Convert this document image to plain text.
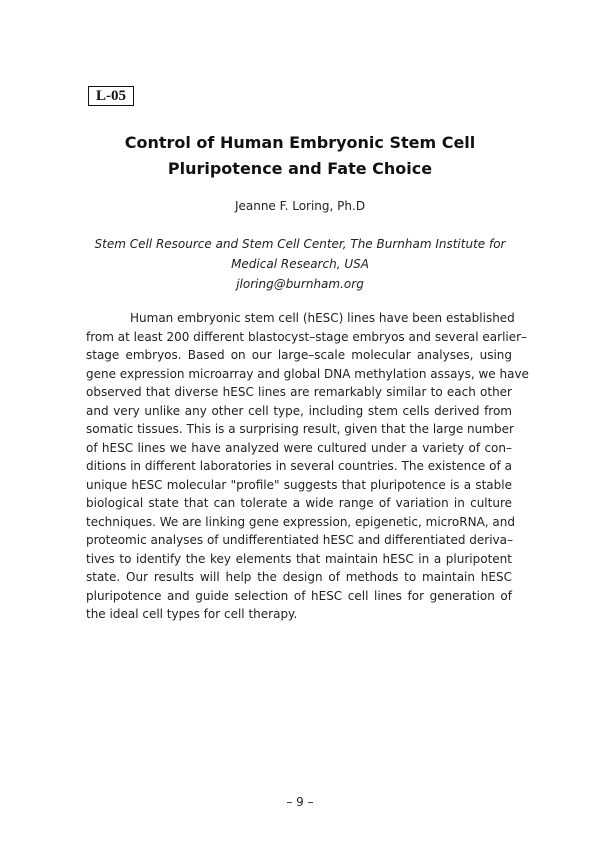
L-05
Control of Human Embryonic Stem Cell
Pluripotence and Fate Choice
Jeanne F. Loring, Ph.D
Stem Cell Resource and Stem Cell Center, The Burnham Institute for
Medical Research, USA
jloring@burnham.org
Human embryonic stem cell (hESC) lines have been established
from at least 200 different blastocyst–stage embryos and several earlier–
stage embryos. Based on our large–scale molecular analyses, using
gene expression microarray and global DNA methylation assays, we have
observed that diverse hESC lines are remarkably similar to each other
and very unlike any other cell type, including stem cells derived from
somatic tissues. This is a surprising result, given that the large number
of hESC lines we have analyzed were cultured under a variety of con–
ditions in different laboratories in several countries. The existence of a
unique hESC molecular "profile" suggests that pluripotence is a stable
biological state that can tolerate a wide range of variation in culture
techniques. We are linking gene expression, epigenetic, microRNA, and
proteomic analyses of undifferentiated hESC and differentiated deriva–
tives to identify the key elements that maintain hESC in a pluripotent
state. Our results will help the design of methods to maintain hESC
pluripotence and guide selection of hESC cell lines for generation of
the ideal cell types for cell therapy.
– 9 –
